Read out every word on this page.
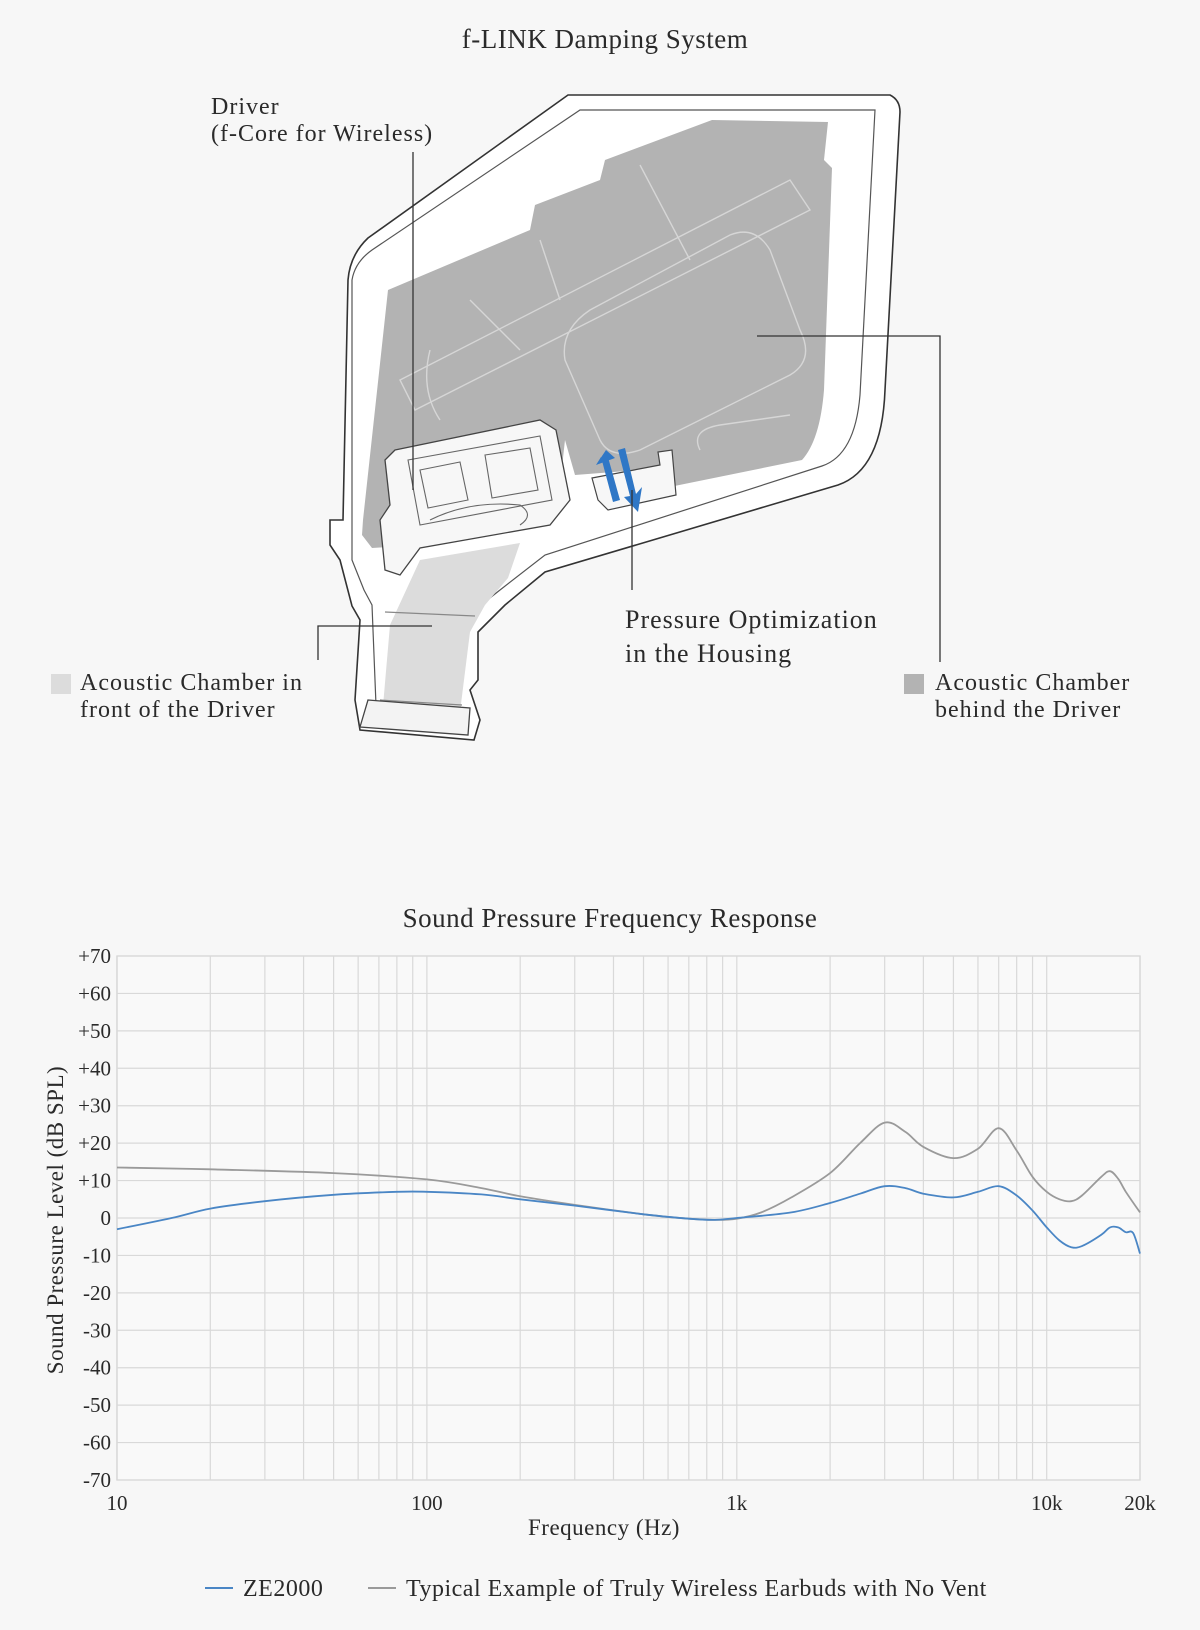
f-LINK Damping System
Driver
(f-Core for Wireless)
Pressure Optimization
in the Housing
Acoustic Chamber in
front of the Driver
Acoustic Chamber
behind the Driver
Sound Pressure Frequency Response
+70
+60
+50
+40
+30
+20
+10
0
-10
-20
-30
-40
-50
-60
-70
10	100	1k	10k	20k
ZE2000	Typical Example of Truly Wireless Earbuds with No Vent
Frequency (Hz)
Sound Pressure Level (dB SPL)
